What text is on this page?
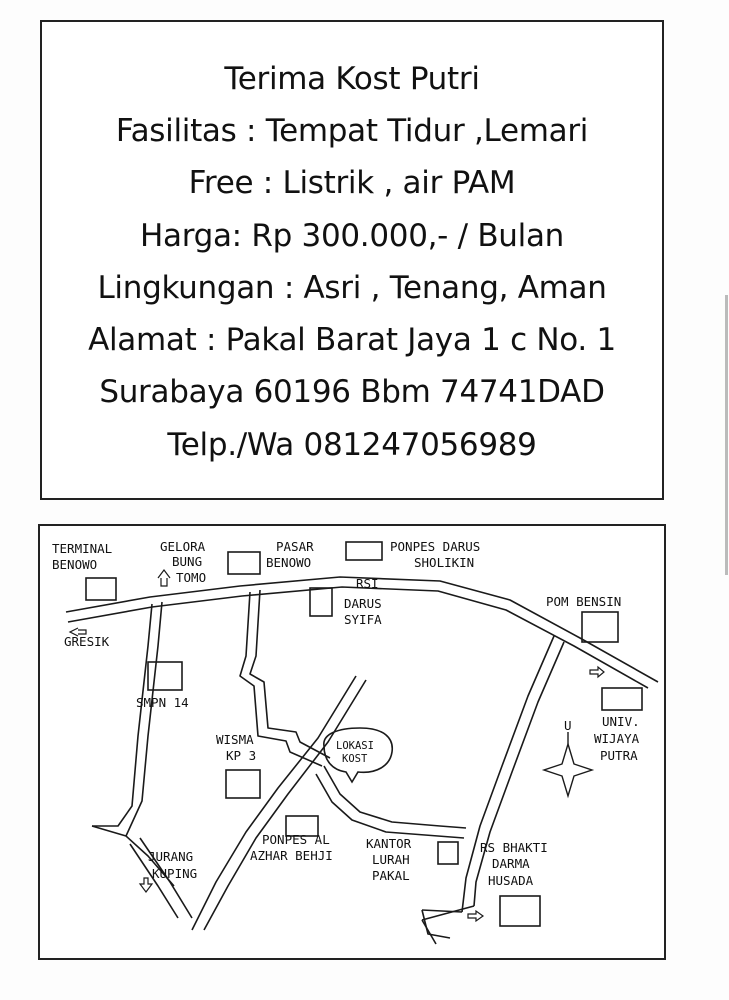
Terima Kost Putri
Fasilitas : Tempat Tidur ,Lemari
Free : Listrik , air PAM
Harga: Rp 300.000,- / Bulan
Lingkungan : Asri , Tenang, Aman
Alamat : Pakal Barat Jaya 1 c No. 1
Surabaya 60196 Bbm 74741DAD
Telp./Wa 081247056989
TERMINAL
BENOWO
GELORA
BUNG
TOMO
PASAR
BENOWO
PONPES DARUS
SHOLIKIN
RSI
DARUS
SYIFA
POM BENSIN
GRESIK
SMPN 14
UNIV.
WIJAYA
PUTRA
U
WISMA
KP 3
LOKASI
KOST
PONPES AL
AZHAR BEHJI
KANTOR
LURAH
PAKAL
RS BHAKTI
DARMA
HUSADA
JURANG
KUPING
